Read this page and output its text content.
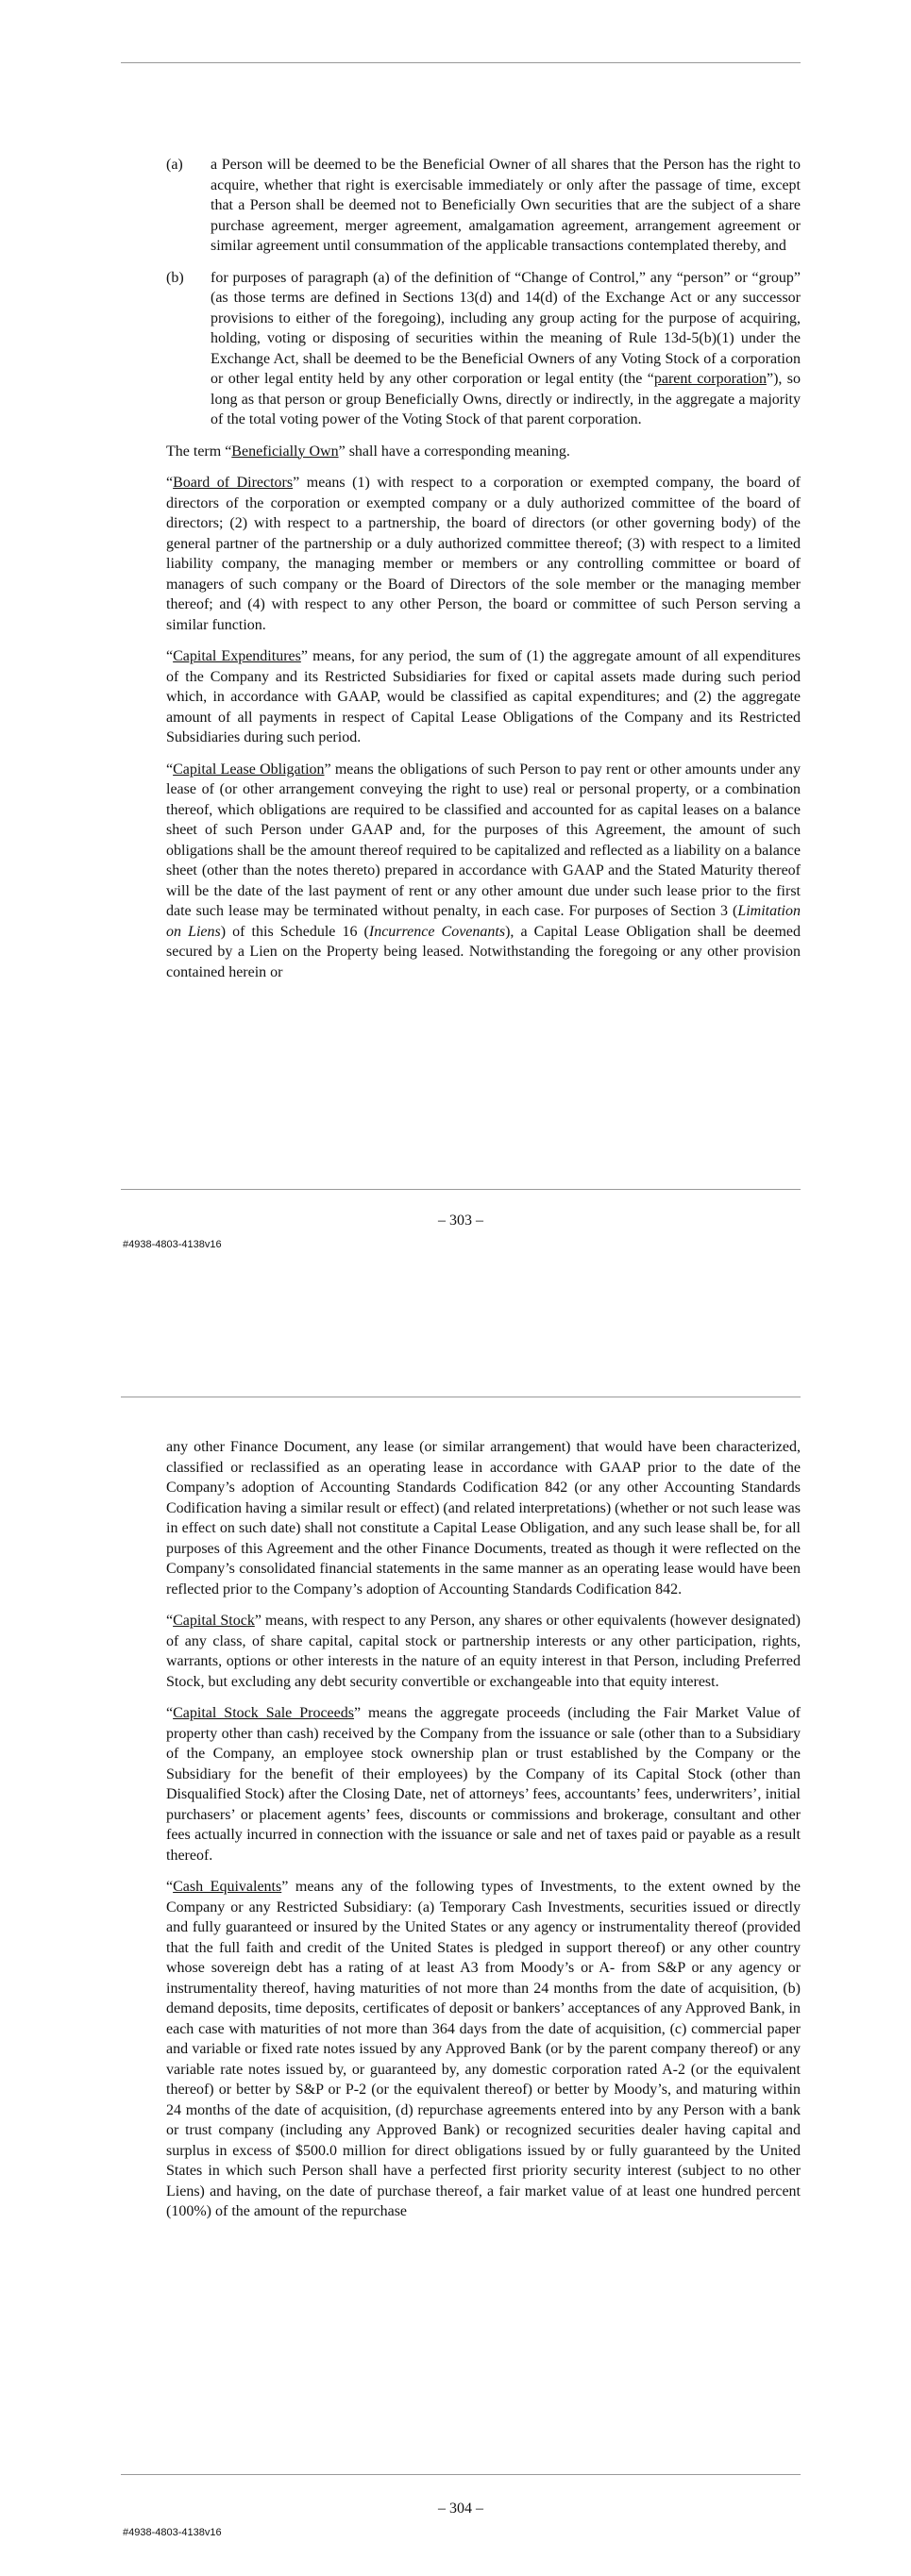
(a) a Person will be deemed to be the Beneficial Owner of all shares that the Person has the right to acquire, whether that right is exercisable immediately or only after the passage of time, except that a Person shall be deemed not to Beneficially Own securities that are the subject of a share purchase agreement, merger agreement, amalgamation agreement, arrangement agreement or similar agreement until consummation of the applicable transactions contemplated thereby, and
(b) for purposes of paragraph (a) of the definition of “Change of Control,” any “person” or “group” (as those terms are defined in Sections 13(d) and 14(d) of the Exchange Act or any successor provisions to either of the foregoing), including any group acting for the purpose of acquiring, holding, voting or disposing of securities within the meaning of Rule 13d-5(b)(1) under the Exchange Act, shall be deemed to be the Beneficial Owners of any Voting Stock of a corporation or other legal entity held by any other corporation or legal entity (the “parent corporation”), so long as that person or group Beneficially Owns, directly or indirectly, in the aggregate a majority of the total voting power of the Voting Stock of that parent corporation.

The term “Beneficially Own” shall have a corresponding meaning.

“Board of Directors” means (1) with respect to a corporation or exempted company, the board of directors of the corporation or exempted company or a duly authorized committee of the board of directors; (2) with respect to a partnership, the board of directors (or other governing body) of the general partner of the partnership or a duly authorized committee thereof; (3) with respect to a limited liability company, the managing member or members or any controlling committee or board of managers of such company or the Board of Directors of the sole member or the managing member thereof; and (4) with respect to any other Person, the board or committee of such Person serving a similar function.

“Capital Expenditures” means, for any period, the sum of (1) the aggregate amount of all expenditures of the Company and its Restricted Subsidiaries for fixed or capital assets made during such period which, in accordance with GAAP, would be classified as capital expenditures; and (2) the aggregate amount of all payments in respect of Capital Lease Obligations of the Company and its Restricted Subsidiaries during such period.

“Capital Lease Obligation” means the obligations of such Person to pay rent or other amounts under any lease of (or other arrangement conveying the right to use) real or personal property, or a combination thereof, which obligations are required to be classified and accounted for as capital leases on a balance sheet of such Person under GAAP and, for the purposes of this Agreement, the amount of such obligations shall be the amount thereof required to be capitalized and reflected as a liability on a balance sheet (other than the notes thereto) prepared in accordance with GAAP and the Stated Maturity thereof will be the date of the last payment of rent or any other amount due under such lease prior to the first date such lease may be terminated without penalty, in each case. For purposes of Section 3 (Limitation on Liens) of this Schedule 16 (Incurrence Covenants), a Capital Lease Obligation shall be deemed secured by a Lien on the Property being leased. Notwithstanding the foregoing or any other provision contained herein or

– 303 –
#4938-4803-4138v16

any other Finance Document, any lease (or similar arrangement) that would have been characterized, classified or reclassified as an operating lease in accordance with GAAP prior to the date of the Company’s adoption of Accounting Standards Codification 842 (or any other Accounting Standards Codification having a similar result or effect) (and related interpretations) (whether or not such lease was in effect on such date) shall not constitute a Capital Lease Obligation, and any such lease shall be, for all purposes of this Agreement and the other Finance Documents, treated as though it were reflected on the Company’s consolidated financial statements in the same manner as an operating lease would have been reflected prior to the Company’s adoption of Accounting Standards Codification 842.

“Capital Stock” means, with respect to any Person, any shares or other equivalents (however designated) of any class, of share capital, capital stock or partnership interests or any other participation, rights, warrants, options or other interests in the nature of an equity interest in that Person, including Preferred Stock, but excluding any debt security convertible or exchangeable into that equity interest.

“Capital Stock Sale Proceeds” means the aggregate proceeds (including the Fair Market Value of property other than cash) received by the Company from the issuance or sale (other than to a Subsidiary of the Company, an employee stock ownership plan or trust established by the Company or the Subsidiary for the benefit of their employees) by the Company of its Capital Stock (other than Disqualified Stock) after the Closing Date, net of attorneys’ fees, accountants’ fees, underwriters’, initial purchasers’ or placement agents’ fees, discounts or commissions and brokerage, consultant and other fees actually incurred in connection with the issuance or sale and net of taxes paid or payable as a result thereof.

“Cash Equivalents” means any of the following types of Investments, to the extent owned by the Company or any Restricted Subsidiary: (a) Temporary Cash Investments, securities issued or directly and fully guaranteed or insured by the United States or any agency or instrumentality thereof (provided that the full faith and credit of the United States is pledged in support thereof) or any other country whose sovereign debt has a rating of at least A3 from Moody’s or A- from S&P or any agency or instrumentality thereof, having maturities of not more than 24 months from the date of acquisition, (b) demand deposits, time deposits, certificates of deposit or bankers’ acceptances of any Approved Bank, in each case with maturities of not more than 364 days from the date of acquisition, (c) commercial paper and variable or fixed rate notes issued by any Approved Bank (or by the parent company thereof) or any variable rate notes issued by, or guaranteed by, any domestic corporation rated A-2 (or the equivalent thereof) or better by S&P or P-2 (or the equivalent thereof) or better by Moody’s, and maturing within 24 months of the date of acquisition, (d) repurchase agreements entered into by any Person with a bank or trust company (including any Approved Bank) or recognized securities dealer having capital and surplus in excess of $500.0 million for direct obligations issued by or fully guaranteed by the United States in which such Person shall have a perfected first priority security interest (subject to no other Liens) and having, on the date of purchase thereof, a fair market value of at least one hundred percent (100%) of the amount of the repurchase

– 304 –
#4938-4803-4138v16
